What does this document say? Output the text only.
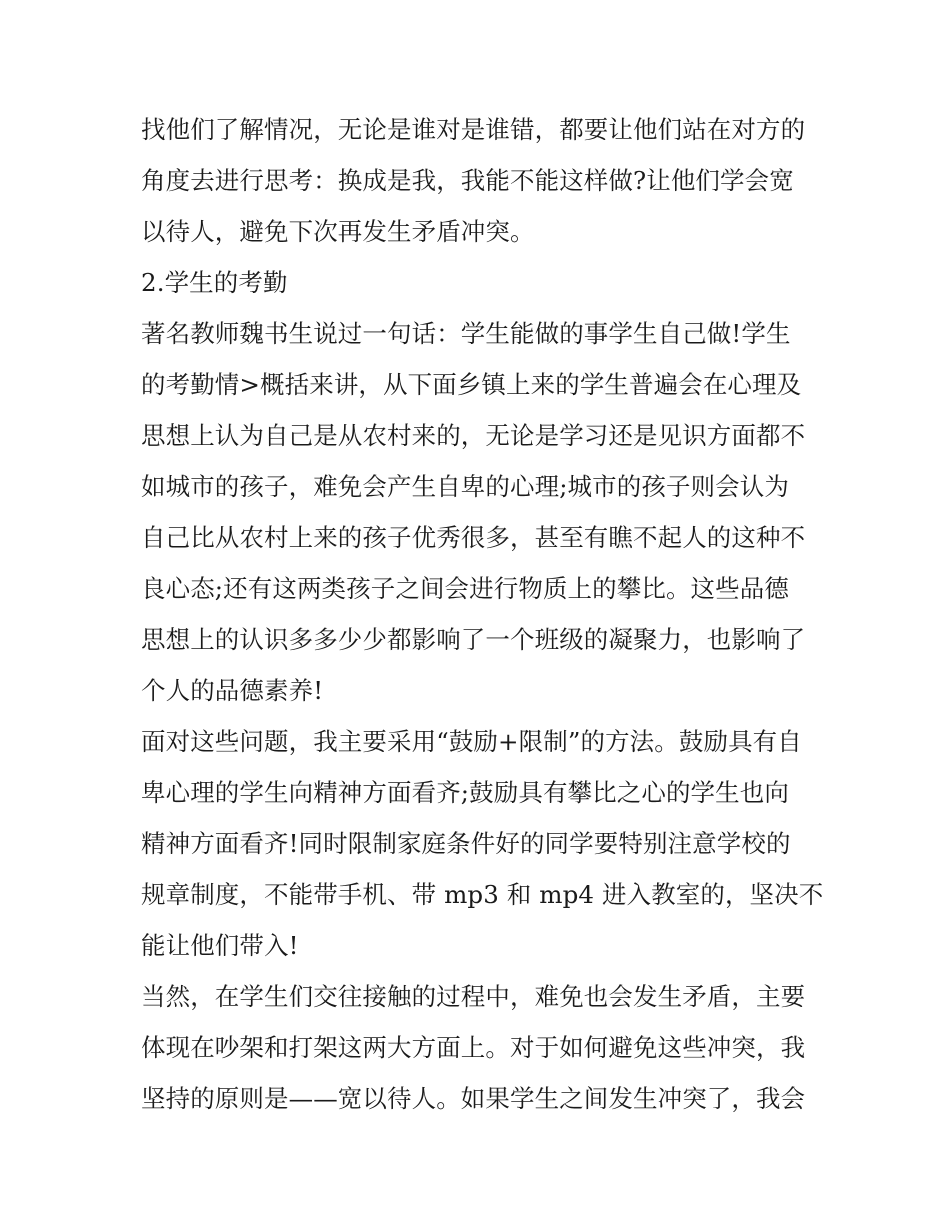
找他们了解情况，无论是谁对是谁错，都要让他们站在对方的
角度去进行思考：换成是我，我能不能这样做?让他们学会宽
以待人，避免下次再发生矛盾冲突。
2.学生的考勤
著名教师魏书生说过一句话：学生能做的事学生自己做!学生
的考勤情>概括来讲，从下面乡镇上来的学生普遍会在心理及
思想上认为自己是从农村来的，无论是学习还是见识方面都不
如城市的孩子，难免会产生自卑的心理;城市的孩子则会认为
自己比从农村上来的孩子优秀很多，甚至有瞧不起人的这种不
良心态;还有这两类孩子之间会进行物质上的攀比。这些品德
思想上的认识多多少少都影响了一个班级的凝聚力，也影响了
个人的品德素养!
面对这些问题，我主要采用“鼓励+限制”的方法。鼓励具有自
卑心理的学生向精神方面看齐;鼓励具有攀比之心的学生也向
精神方面看齐!同时限制家庭条件好的同学要特别注意学校的
规章制度，不能带手机、带 mp3 和 mp4 进入教室的，坚决不
能让他们带入!
当然，在学生们交往接触的过程中，难免也会发生矛盾，主要
体现在吵架和打架这两大方面上。对于如何避免这些冲突，我
坚持的原则是——宽以待人。如果学生之间发生冲突了，我会
